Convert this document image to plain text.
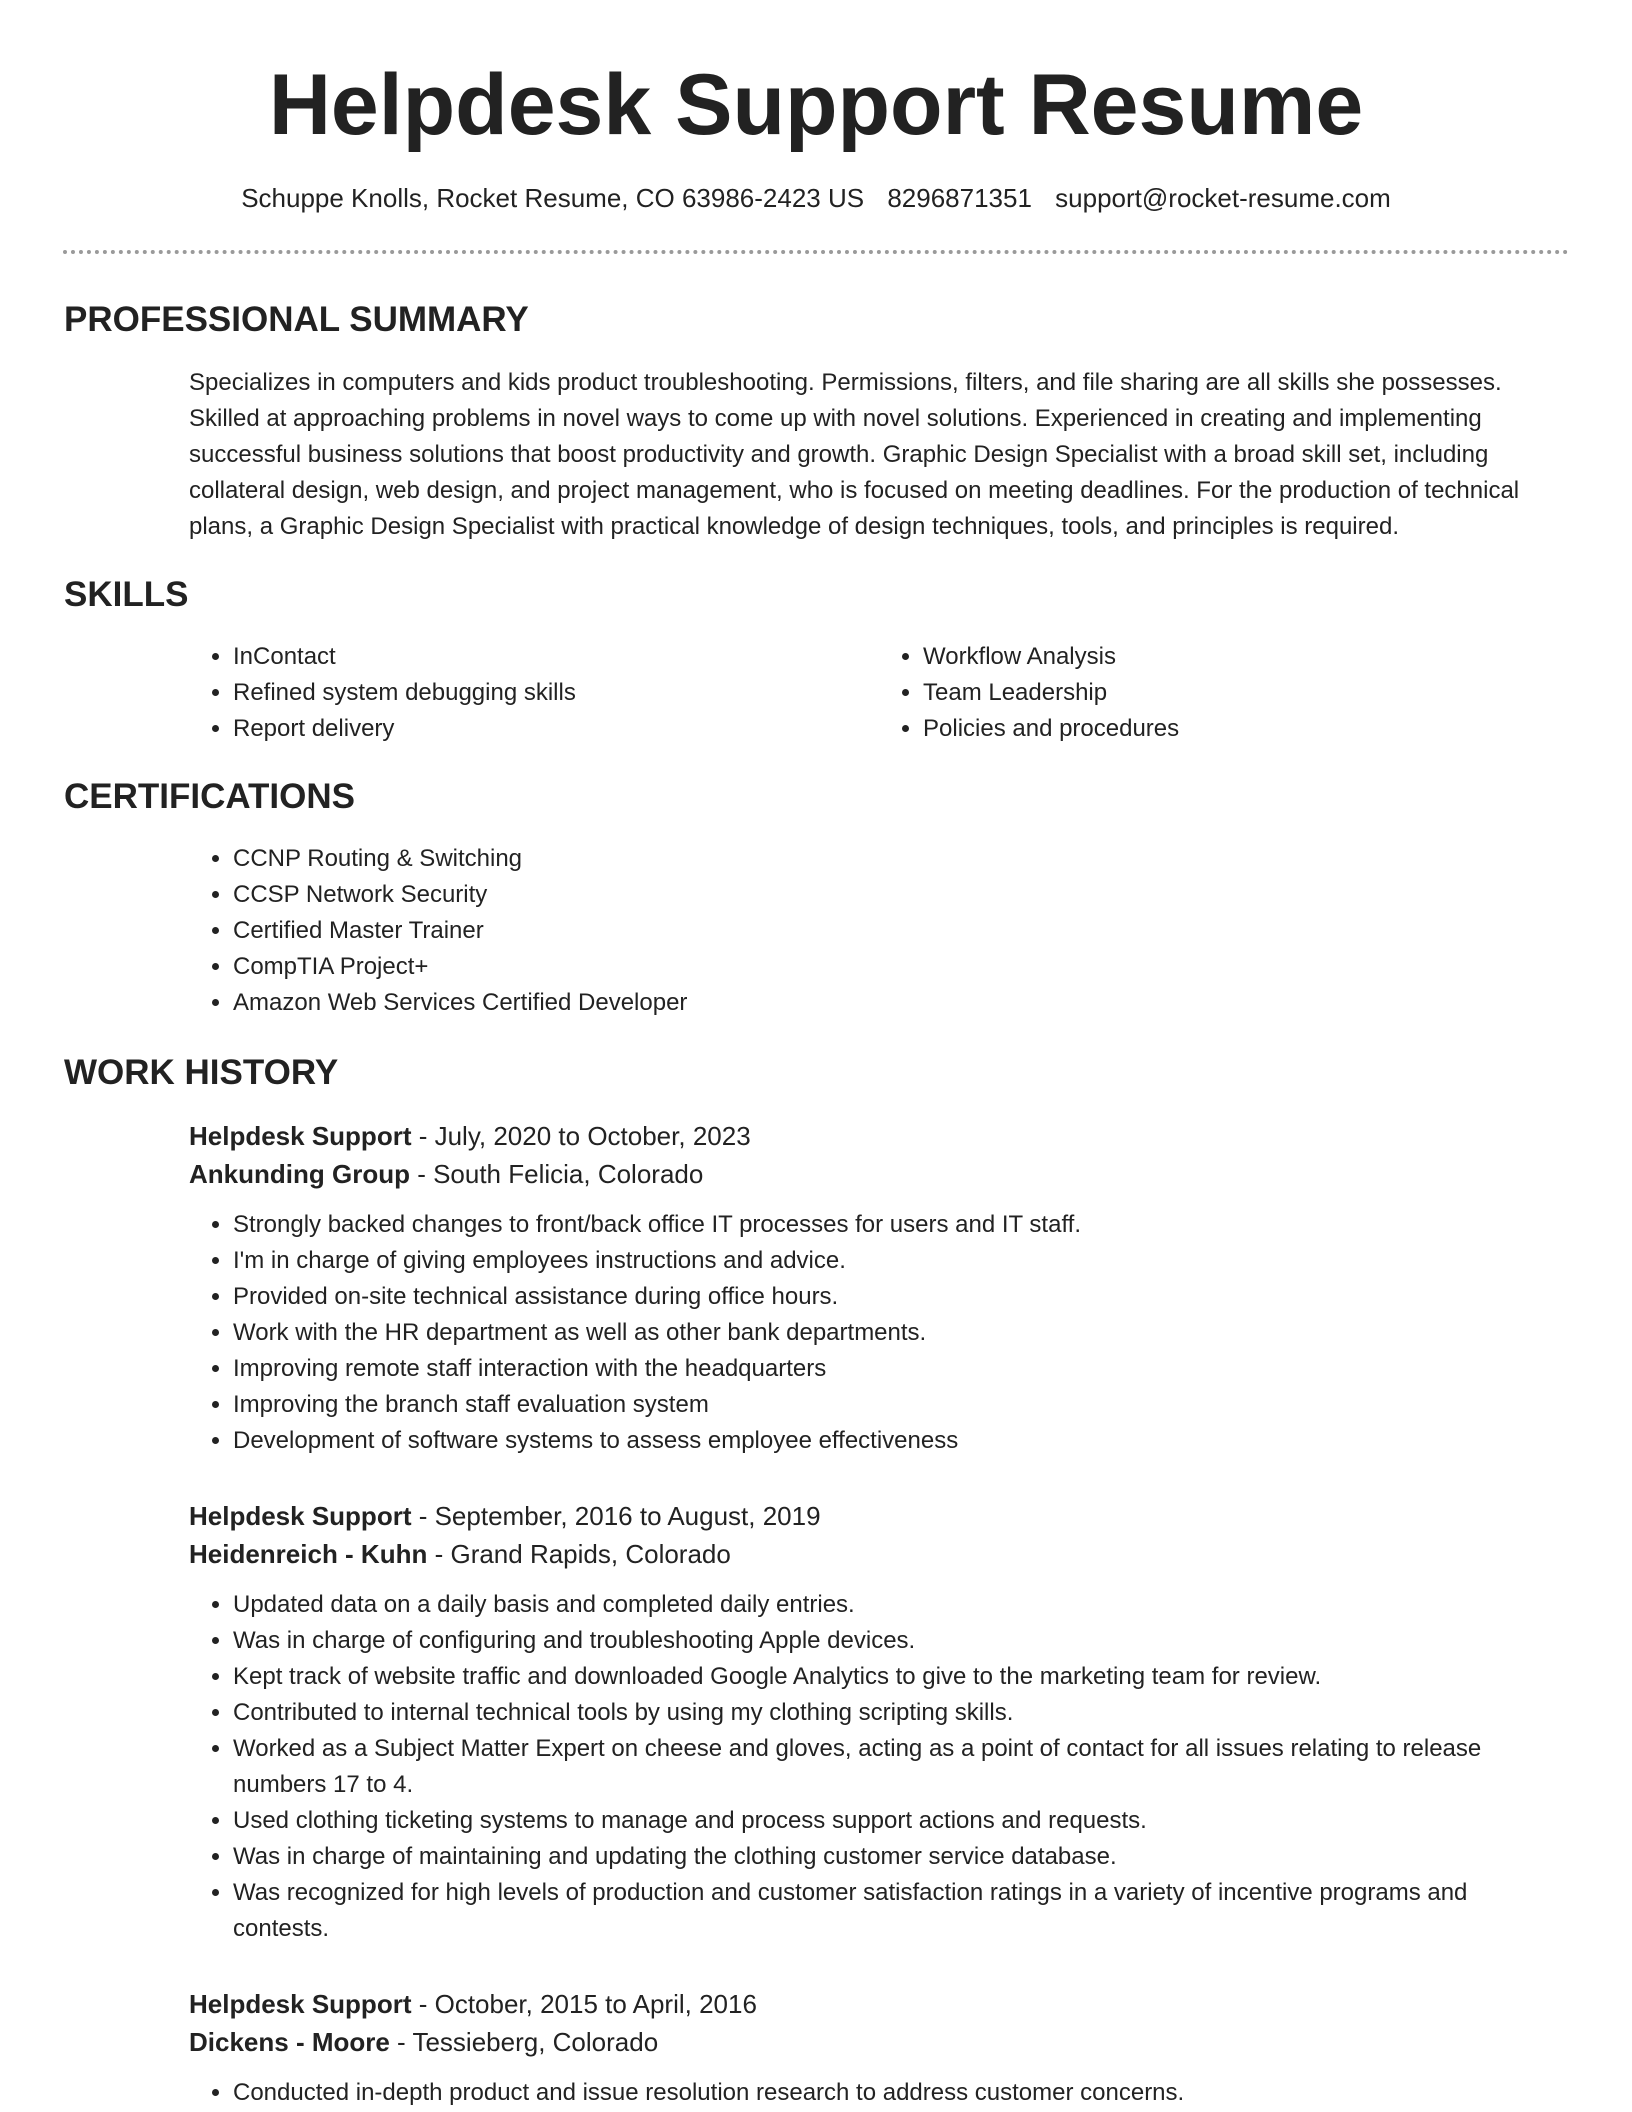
Helpdesk Support Resume
Schuppe Knolls, Rocket Resume, CO 63986-2423 US 8296871351 support@rocket-resume.com
PROFESSIONAL SUMMARY

Specializes in computers and kids product troubleshooting. Permissions, filters, and file sharing are all skills she possesses. Skilled at approaching problems in novel ways to come up with novel solutions. Experienced in creating and implementing successful business solutions that boost productivity and growth. Graphic Design Specialist with a broad skill set, including collateral design, web design, and project management, who is focused on meeting deadlines. For the production of technical plans, a Graphic Design Specialist with practical knowledge of design techniques, tools, and principles is required.

SKILLS
• InContact
• Refined system debugging skills
• Report delivery
• Workflow Analysis
• Team Leadership
• Policies and procedures
CERTIFICATIONS
• CCNP Routing & Switching
• CCSP Network Security
• Certified Master Trainer
• CompTIA Project+
• Amazon Web Services Certified Developer
WORK HISTORY

Helpdesk Support - July, 2020 to October, 2023

Ankunding Group - South Felicia, Colorado

• Strongly backed changes to front/back office IT processes for users and IT staff.
• I'm in charge of giving employees instructions and advice.
• Provided on-site technical assistance during office hours.
• Work with the HR department as well as other bank departments.
• Improving remote staff interaction with the headquarters
• Improving the branch staff evaluation system
• Development of software systems to assess employee effectiveness

Helpdesk Support - September, 2016 to August, 2019

Heidenreich - Kuhn - Grand Rapids, Colorado

• Updated data on a daily basis and completed daily entries.
• Was in charge of configuring and troubleshooting Apple devices.
• Kept track of website traffic and downloaded Google Analytics to give to the marketing team for review.
• Contributed to internal technical tools by using my clothing scripting skills.
• Worked as a Subject Matter Expert on cheese and gloves, acting as a point of contact for all issues relating to release numbers 17 to 4.
• Used clothing ticketing systems to manage and process support actions and requests.
• Was in charge of maintaining and updating the clothing customer service database.
• Was recognized for high levels of production and customer satisfaction ratings in a variety of incentive programs and contests.

Helpdesk Support - October, 2015 to April, 2016

Dickens - Moore - Tessieberg, Colorado

• Conducted in-depth product and issue resolution research to address customer concerns.
